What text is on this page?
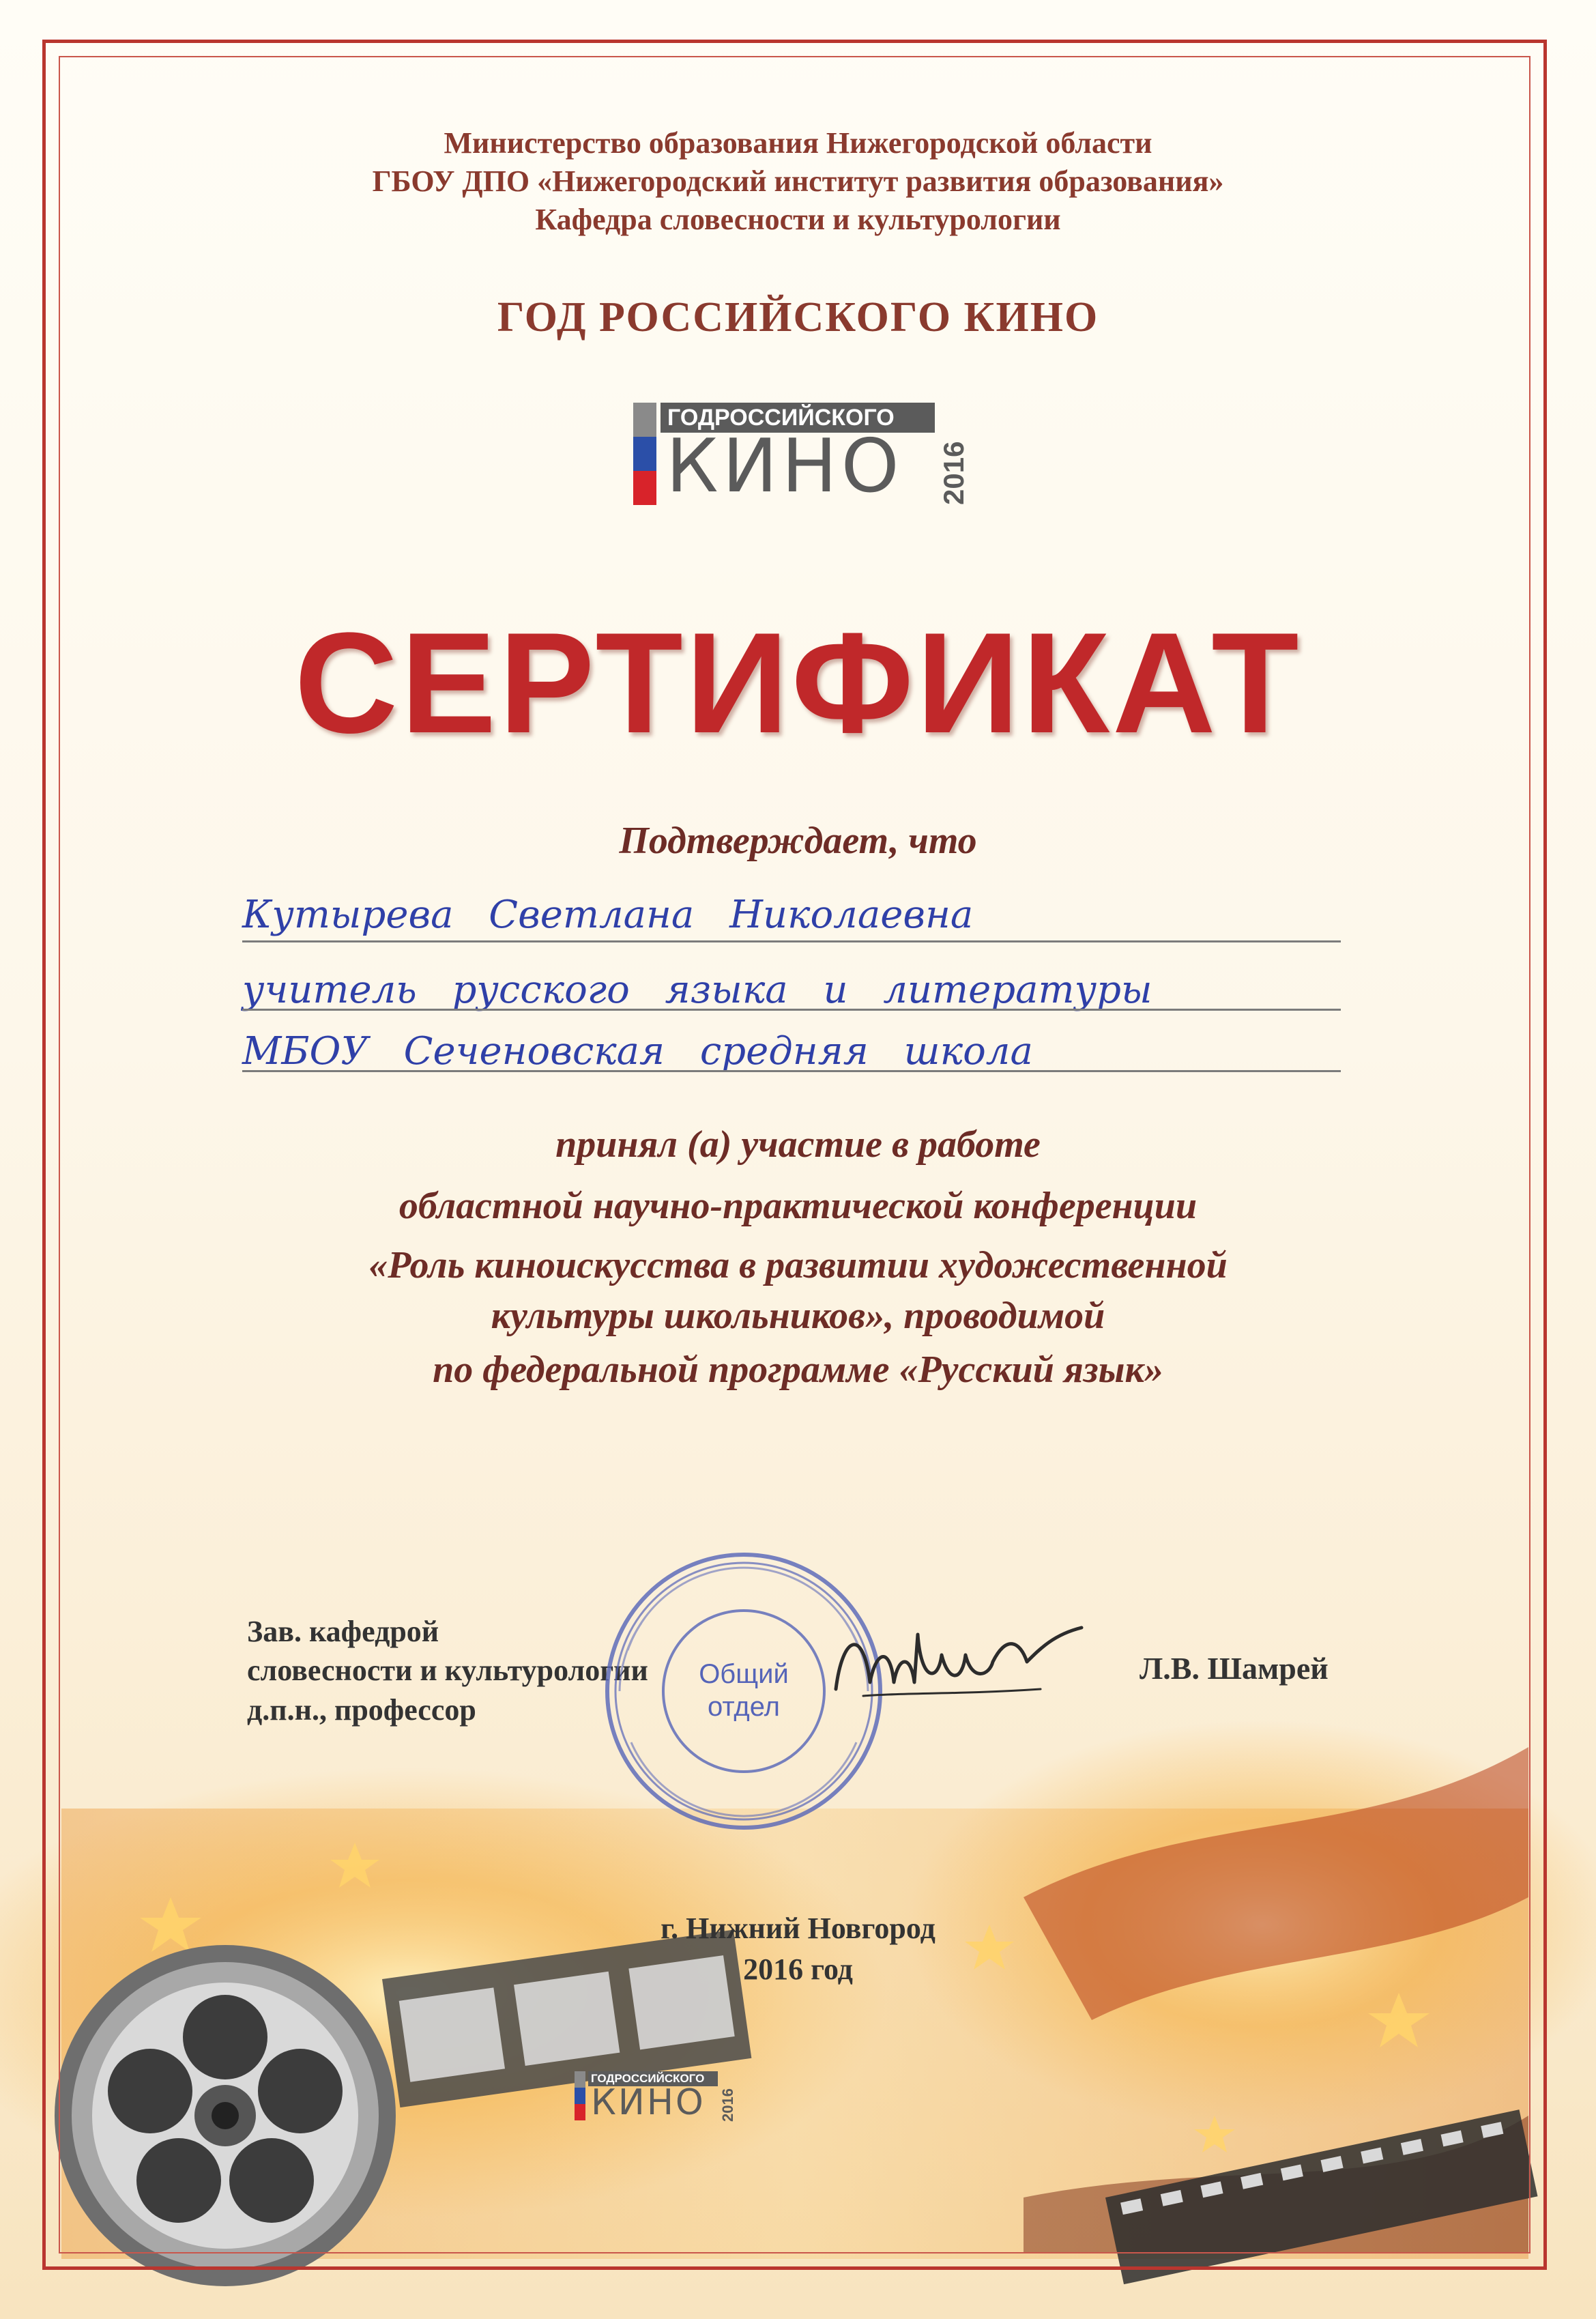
Министерство образования Нижегородской области
ГБОУ ДПО «Нижегородский институт развития образования»
Кафедра словесности и культурологии
ГОД РОССИЙСКОГО КИНО
ГОДРОССИЙСКОГО
КИНО 2016
СЕРТИФИКАТ
Подтверждает, что
Кутырева Светлана Николаевна
учитель русского языка и литературы
МБОУ Сеченовская средняя школа
принял (а) участие в работе
областной научно-практической конференции
«Роль киноискусства в развитии художественной
культуры школьников», проводимой
по федеральной программе «Русский язык»
Зав. кафедрой
словесности и культурологии
д.п.н., профессор
Л.В. Шамрей
Общий
отдел
г. Нижний Новгород
2016 год
ГОДРОССИЙСКОГО
КИНО 2016
